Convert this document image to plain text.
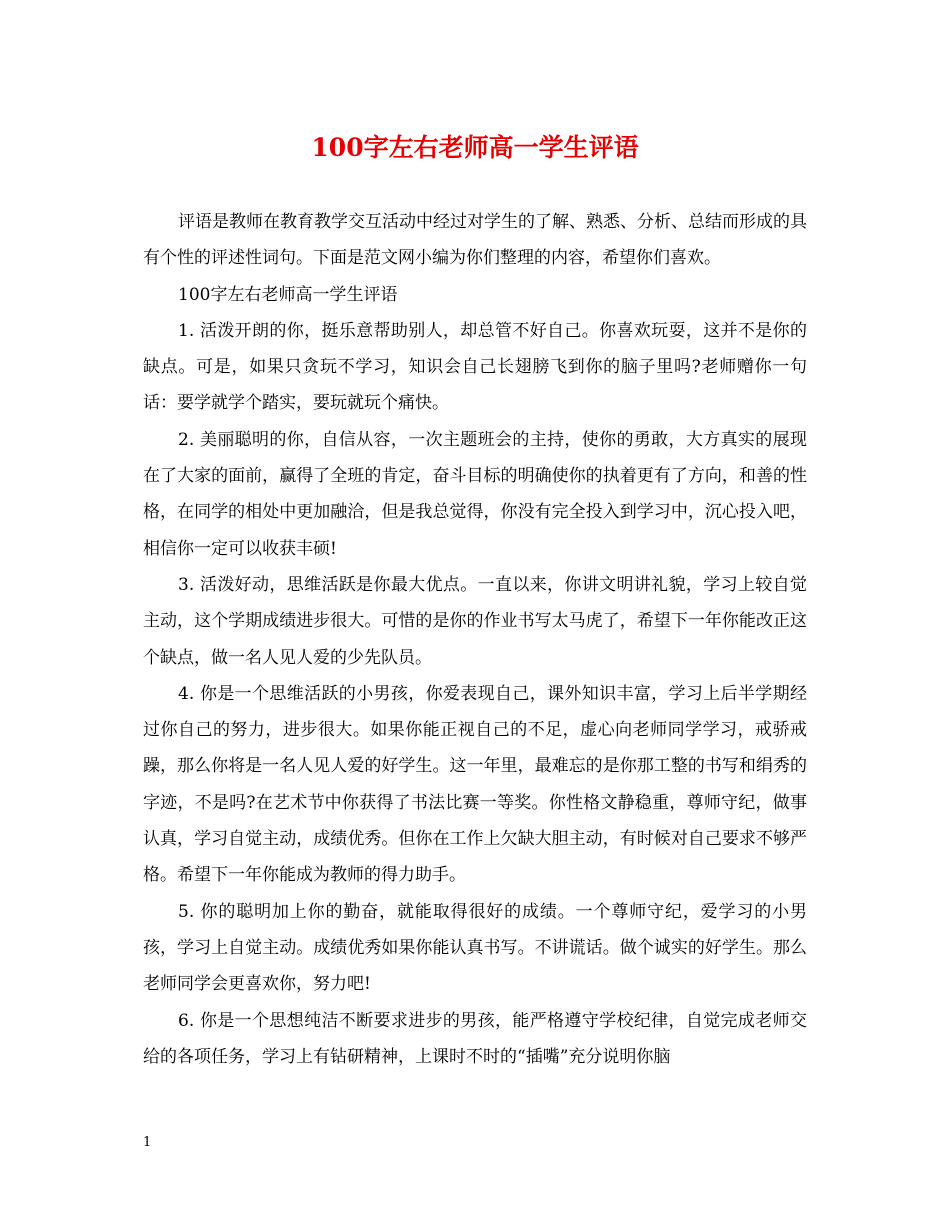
100字左右老师高一学生评语

评语是教师在教育教学交互活动中经过对学生的了解、熟悉、分析、总结而形成的具有个性的评述性词句。下面是范文网小编为你们整理的内容，希望你们喜欢。

100字左右老师高一学生评语

1. 活泼开朗的你，挺乐意帮助别人，却总管不好自己。你喜欢玩耍，这并不是你的缺点。可是，如果只贪玩不学习，知识会自己长翅膀飞到你的脑子里吗?老师赠你一句话：要学就学个踏实，要玩就玩个痛快。

2. 美丽聪明的你，自信从容，一次主题班会的主持，使你的勇敢，大方真实的展现在了大家的面前，赢得了全班的肯定，奋斗目标的明确使你的执着更有了方向，和善的性格，在同学的相处中更加融洽，但是我总觉得，你没有完全投入到学习中，沉心投入吧，相信你一定可以收获丰硕!

3. 活泼好动，思维活跃是你最大优点。一直以来，你讲文明讲礼貌，学习上较自觉主动，这个学期成绩进步很大。可惜的是你的作业书写太马虎了，希望下一年你能改正这个缺点，做一名人见人爱的少先队员。

4. 你是一个思维活跃的小男孩，你爱表现自己，课外知识丰富，学习上后半学期经过你自己的努力，进步很大。如果你能正视自己的不足，虚心向老师同学学习，戒骄戒躁，那么你将是一名人见人爱的好学生。这一年里，最难忘的是你那工整的书写和绢秀的字迹，不是吗?在艺术节中你获得了书法比赛一等奖。你性格文静稳重，尊师守纪，做事认真，学习自觉主动，成绩优秀。但你在工作上欠缺大胆主动，有时候对自己要求不够严格。希望下一年你能成为教师的得力助手。

5. 你的聪明加上你的勤奋，就能取得很好的成绩。一个尊师守纪，爱学习的小男孩，学习上自觉主动。成绩优秀如果你能认真书写。不讲谎话。做个诚实的好学生。那么老师同学会更喜欢你，努力吧!

6. 你是一个思想纯洁不断要求进步的男孩，能严格遵守学校纪律，自觉完成老师交给的各项任务，学习上有钻研精神，上课时不时的“插嘴”充分说明你脑

1
